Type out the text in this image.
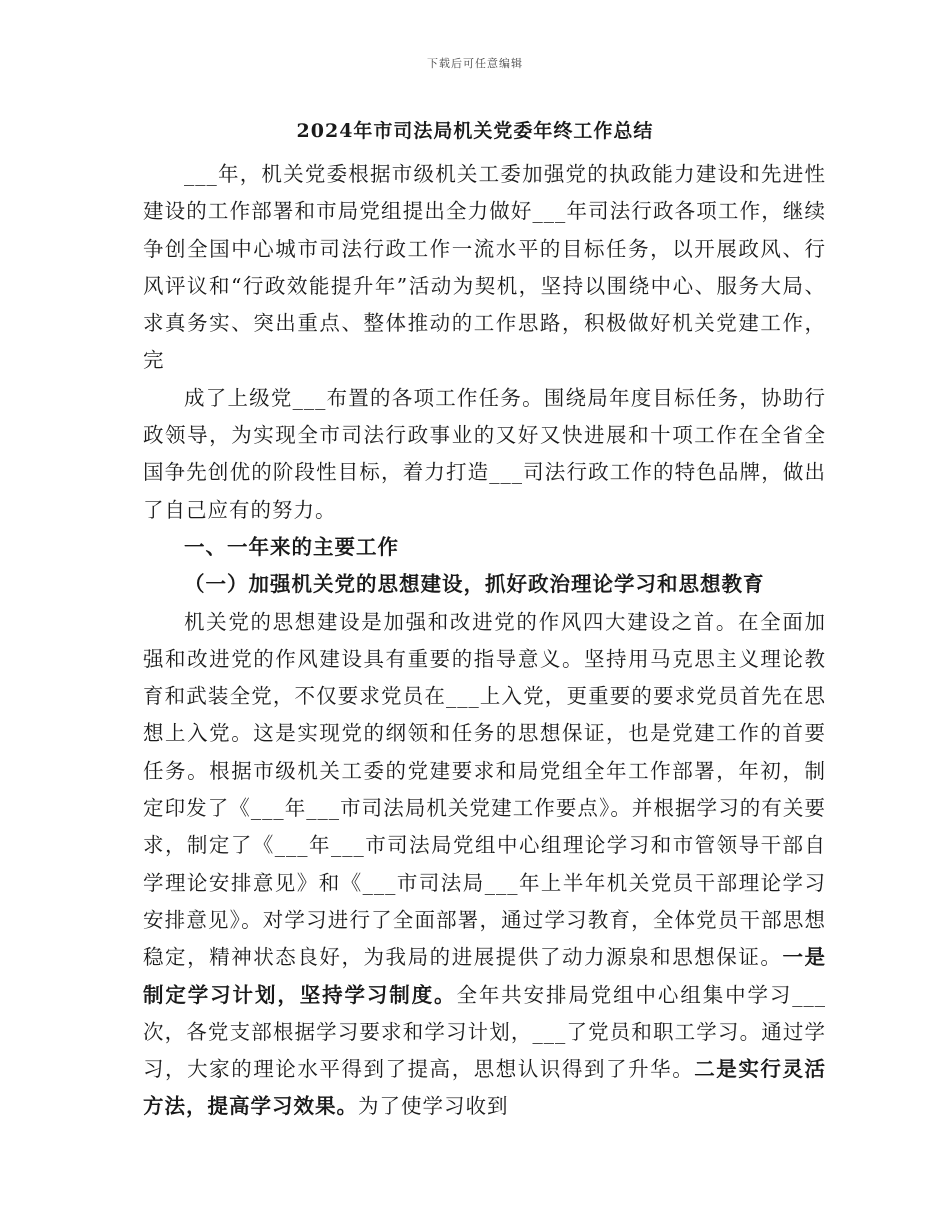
下载后可任意编辑
2024年市司法局机关党委年终工作总结

___年，机关党委根据市级机关工委加强党的执政能力建设和先进性建设的工作部署和市局党组提出全力做好___年司法行政各项工作，继续争创全国中心城市司法行政工作一流水平的目标任务，以开展政风、行风评议和“行政效能提升年”活动为契机，坚持以围绕中心、服务大局、求真务实、突出重点、整体推动的工作思路，积极做好机关党建工作，完

成了上级党___布置的各项工作任务。围绕局年度目标任务，协助行政领导，为实现全市司法行政事业的又好又快进展和十项工作在全省全国争先创优的阶段性目标，着力打造___司法行政工作的特色品牌，做出了自己应有的努力。

一、一年来的主要工作

（一）加强机关党的思想建设，抓好政治理论学习和思想教育

机关党的思想建设是加强和改进党的作风四大建设之首。在全面加强和改进党的作风建设具有重要的指导意义。坚持用马克思主义理论教育和武装全党，不仅要求党员在___上入党，更重要的要求党员首先在思想上入党。这是实现党的纲领和任务的思想保证，也是党建工作的首要任务。根据市级机关工委的党建要求和局党组全年工作部署，年初，制定印发了《___年___市司法局机关党建工作要点》。并根据学习的有关要求，制定了《___年___市司法局党组中心组理论学习和市管领导干部自学理论安排意见》和《___市司法局___年上半年机关党员干部理论学习安排意见》。对学习进行了全面部署，通过学习教育，全体党员干部思想稳定，精神状态良好，为我局的进展提供了动力源泉和思想保证。一是制定学习计划，坚持学习制度。全年共安排局党组中心组集中学习___次，各党支部根据学习要求和学习计划，___了党员和职工学习。通过学习，大家的理论水平得到了提高，思想认识得到了升华。二是实行灵活方法，提高学习效果。为了使学习收到
